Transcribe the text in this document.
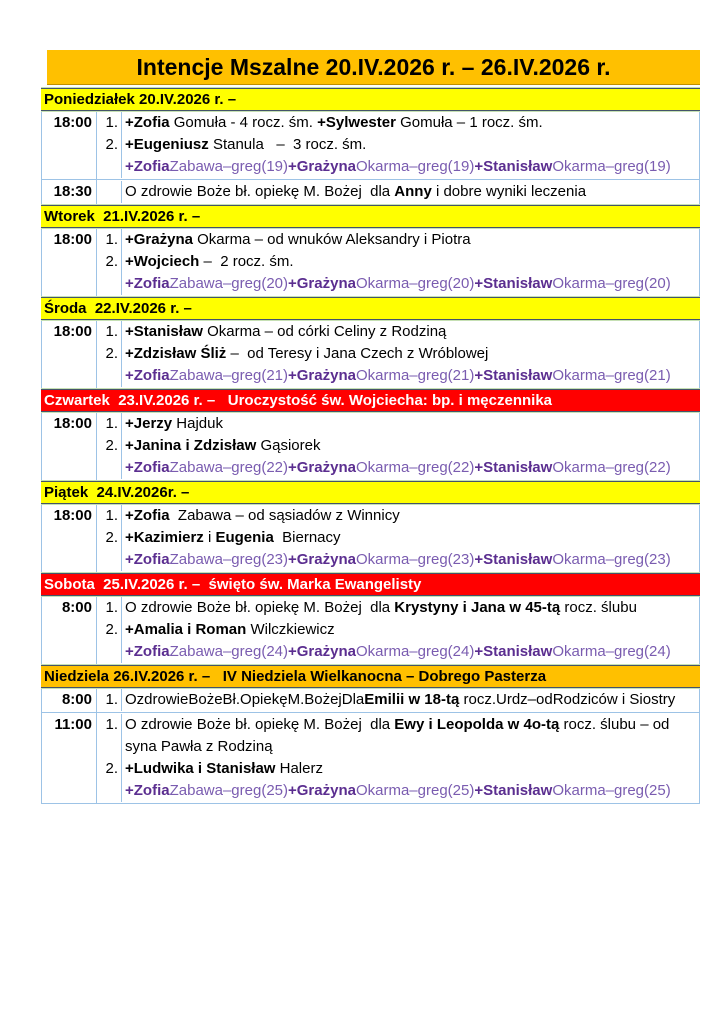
Intencje Mszalne 20.IV.2026 r. – 26.IV.2026 r.
Poniedziałek 20.IV.2026 r. –
18:00 1. +Zofia Gomuła - 4 rocz. śm. +Sylwester Gomuła – 1 rocz. śm.
2. +Eugeniusz Stanula   –  3 rocz. śm.
+ZofiaZabawa–greg(19)+GrażynaOkarma–greg(19)+StanisławOkarma–greg(19)
18:30	O zdrowie Boże bł. opiekę M. Bożej  dla Anny i dobre wyniki leczenia
Wtorek  21.IV.2026 r. –
18:00 1. +Grażyna Okarma – od wnuków Aleksandry i Piotra
2. +Wojciech –  2 rocz. śm.
+ZofiaZabawa–greg(20)+GrażynaOkarma–greg(20)+StanisławOkarma–greg(20)
Środa  22.IV.2026 r. –
18:00 1. +Stanisław Okarma – od córki Celiny z Rodziną
2. +Zdzisław Śliż –  od Teresy i Jana Czech z Wróblowej
+ZofiaZabawa–greg(21)+GrażynaOkarma–greg(21)+StanisławOkarma–greg(21)
Czwartek  23.IV.2026 r. –   Uroczystość św. Wojciecha: bp. i męczennika
18:00 1. +Jerzy Hajduk
2. +Janina i Zdzisław Gąsiorek
+ZofiaZabawa–greg(22)+GrażynaOkarma–greg(22)+StanisławOkarma–greg(22)
Piątek  24.IV.2026r. –
18:00 1. +Zofia  Zabawa – od sąsiadów z Winnicy
2. +Kazimierz i Eugenia  Biernacy
+ZofiaZabawa–greg(23)+GrażynaOkarma–greg(23)+StanisławOkarma–greg(23)
Sobota  25.IV.2026 r. –  święto św. Marka Ewangelisty
8:00 1. O zdrowie Boże bł. opiekę M. Bożej  dla Krystyny i Jana w 45-tą rocz. ślubu
2. +Amalia i Roman Wilczkiewicz
+ZofiaZabawa–greg(24)+GrażynaOkarma–greg(24)+StanisławOkarma–greg(24)
Niedziela 26.IV.2026 r. –   IV Niedziela Wielkanocna – Dobrego Pasterza
8:00 1. OzdrowieBożeBł.OpiekęM.BożejDlaEmilii w 18-tą rocz.Urdz–odRodziców i Siostry
11:00 1. O zdrowie Boże bł. opiekę M. Bożej  dla Ewy i Leopolda w 4o-tą rocz. ślubu – od syna Pawła z Rodziną
2. +Ludwika i Stanisław Halerz
+ZofiaZabawa–greg(25)+GrażynaOkarma–greg(25)+StanisławOkarma–greg(25)
